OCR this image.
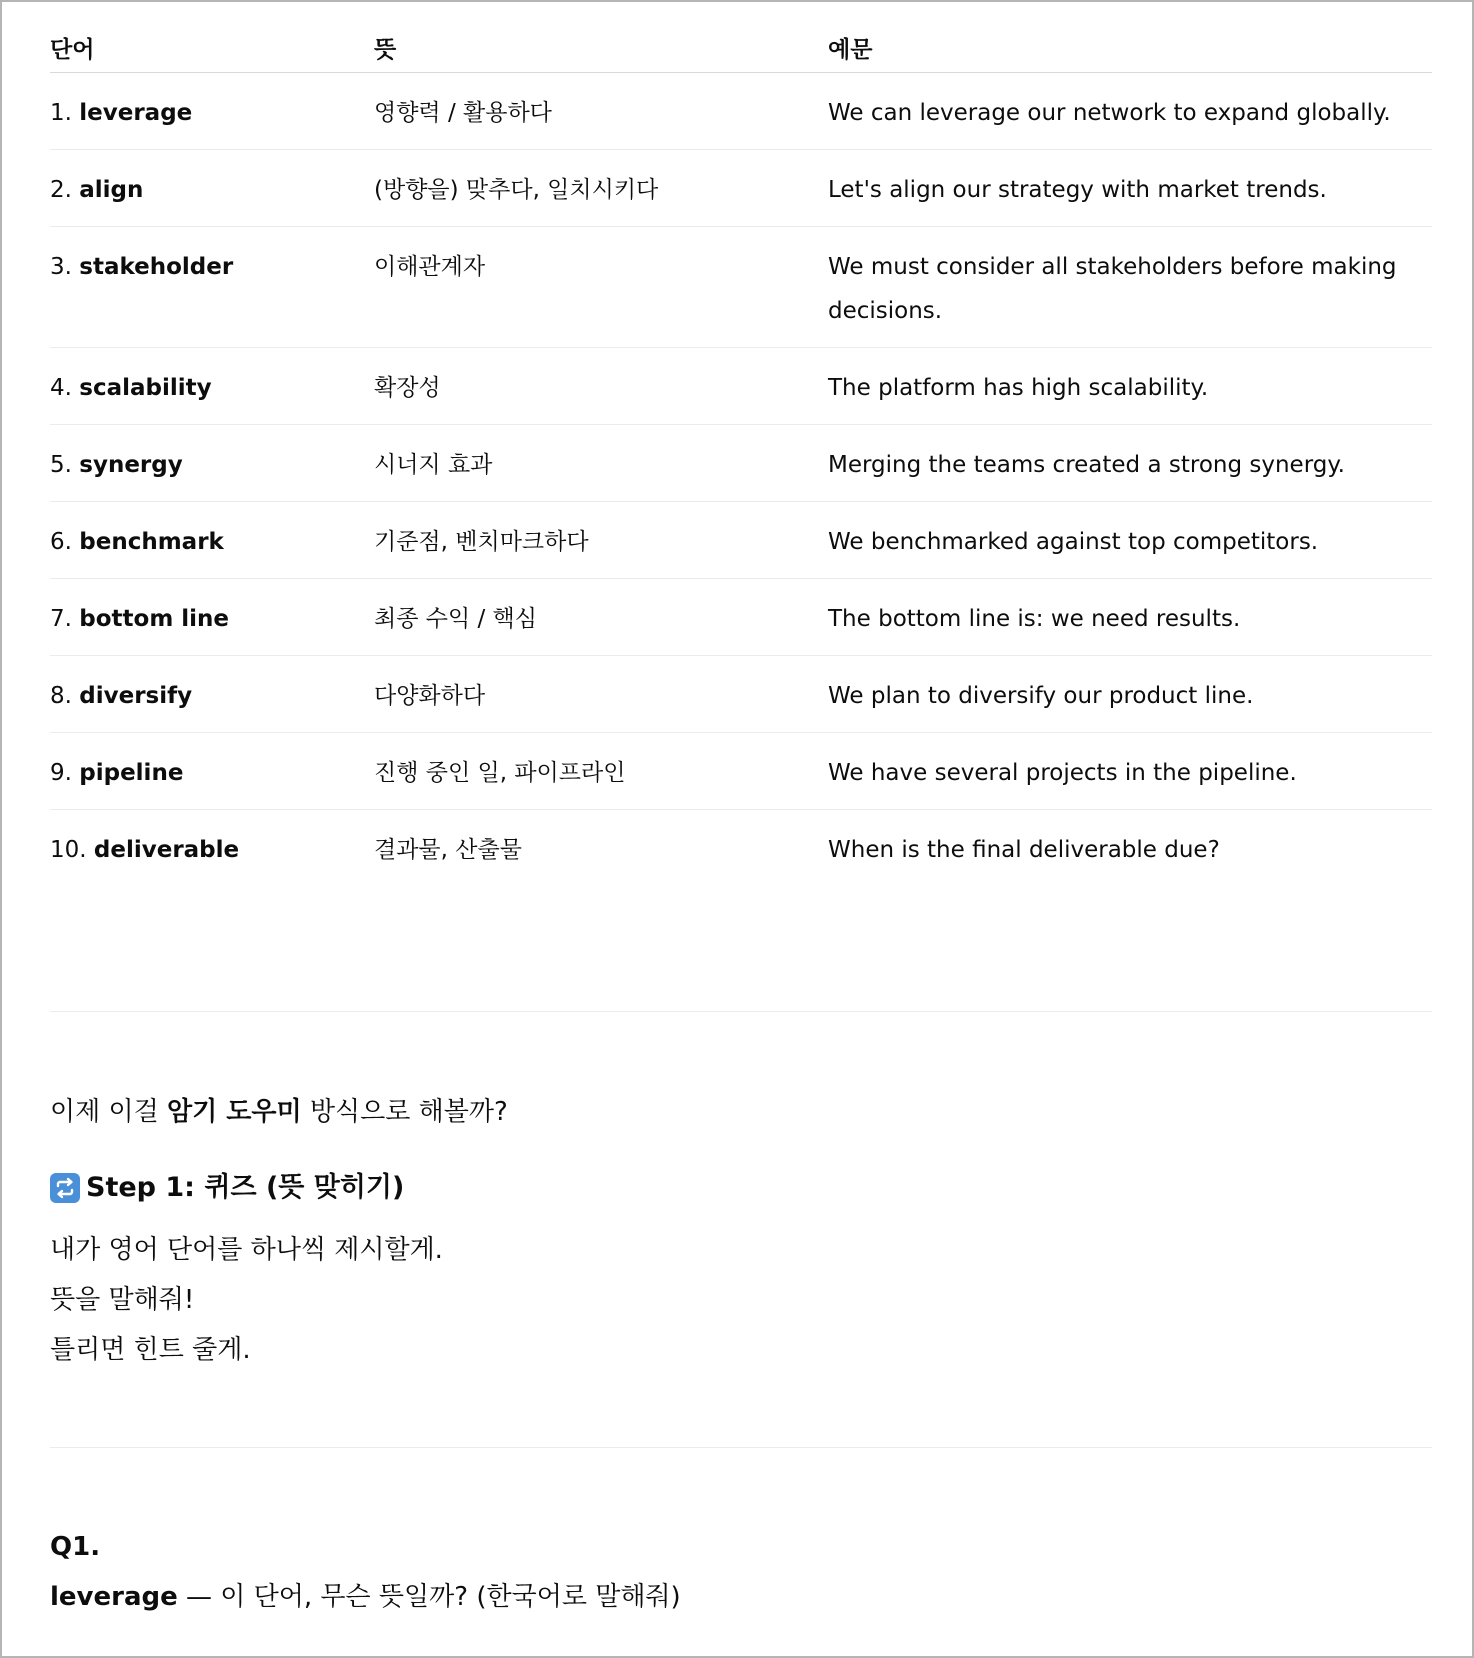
단어	뜻	예문
1. leverage	영향력 / 활용하다	We can leverage our network to expand globally.
2. align	(방향을) 맞추다, 일치시키다	Let's align our strategy with market trends.
3. stakeholder	이해관계자	We must consider all stakeholders before making decisions.
4. scalability	확장성	The platform has high scalability.
5. synergy	시너지 효과	Merging the teams created a strong synergy.
6. benchmark	기준점, 벤치마크하다	We benchmarked against top competitors.
7. bottom line	최종 수익 / 핵심	The bottom line is: we need results.
8. diversify	다양화하다	We plan to diversify our product line.
9. pipeline	진행 중인 일, 파이프라인	We have several projects in the pipeline.
10. deliverable	결과물, 산출물	When is the final deliverable due?
이제 이걸 암기 도우미 방식으로 해볼까?
Step 1: 퀴즈 (뜻 맞히기)
내가 영어 단어를 하나씩 제시할게.
뜻을 말해줘!
틀리면 힌트 줄게.
Q1.
leverage — 이 단어, 무슨 뜻일까? (한국어로 말해줘)
